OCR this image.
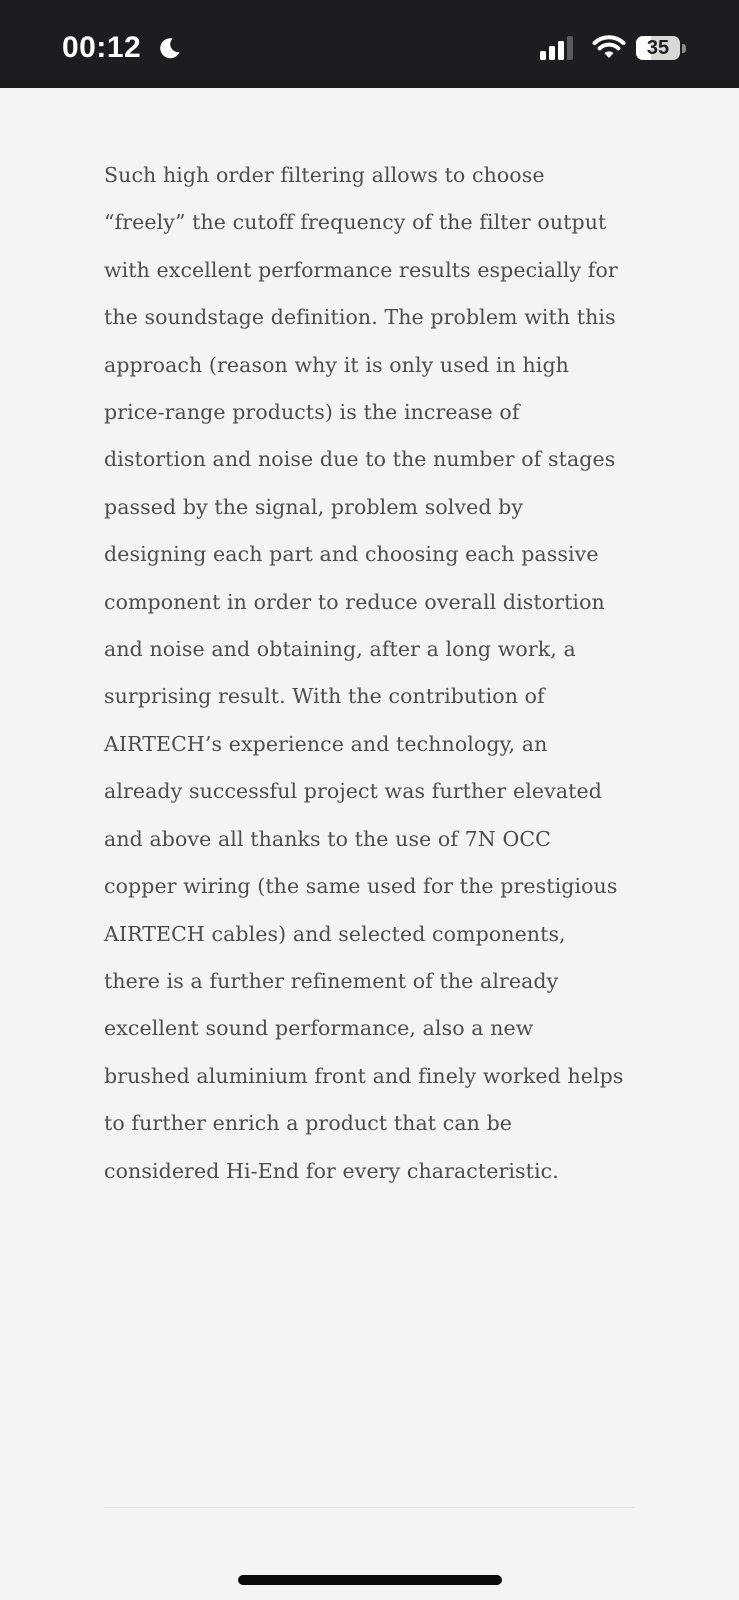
00:12	35

Such high order filtering allows to choose “freely” the cutoff frequency of the filter output with excellent performance results especially for the soundstage definition. The problem with this approach (reason why it is only used in high price-range products) is the increase of distortion and noise due to the number of stages passed by the signal, problem solved by designing each part and choosing each passive component in order to reduce overall distortion and noise and obtaining, after a long work, a surprising result. With the contribution of AIRTECH’s experience and technology, an already successful project was further elevated and above all thanks to the use of 7N OCC copper wiring (the same used for the prestigious AIRTECH cables) and selected components, there is a further refinement of the already excellent sound performance, also a new brushed aluminium front and finely worked helps to further enrich a product that can be considered Hi-End for every characteristic.
